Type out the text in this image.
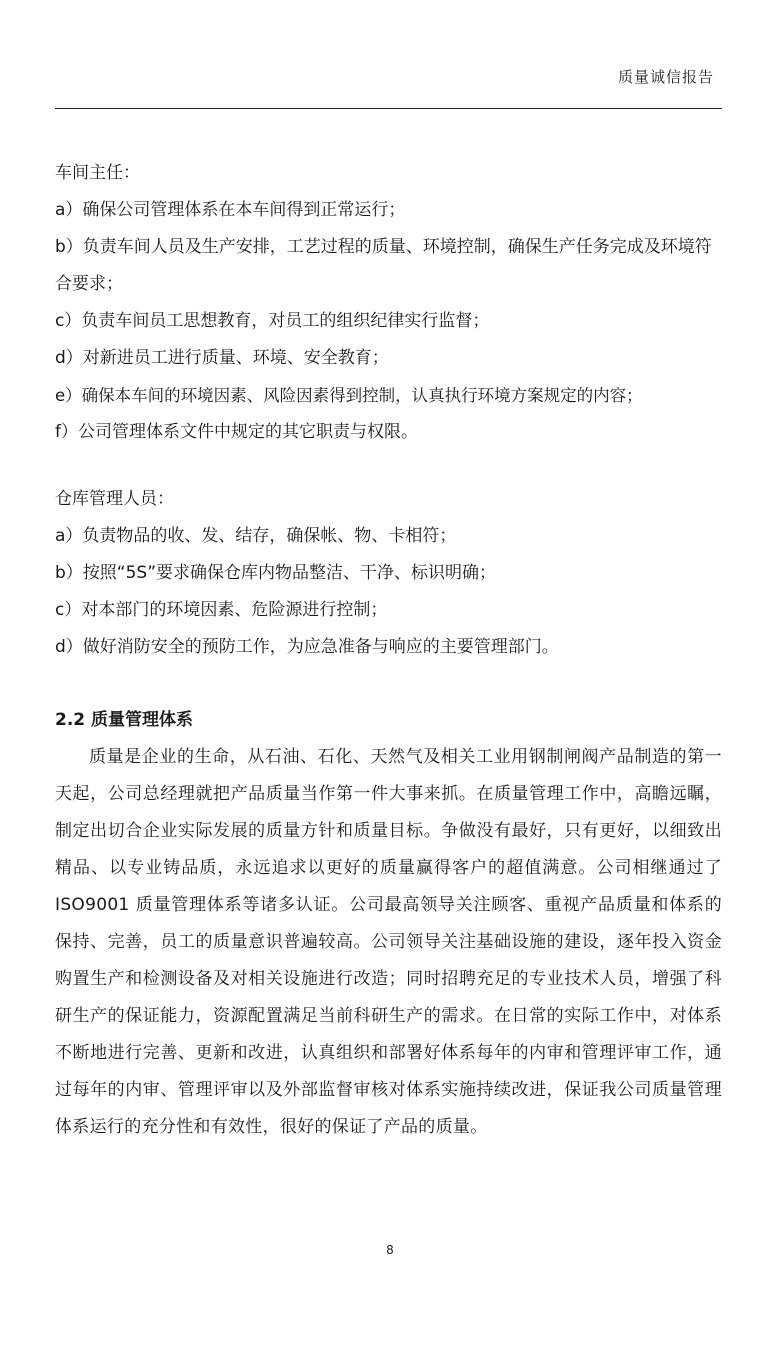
质量诚信报告
车间主任：
a）确保公司管理体系在本车间得到正常运行；
b）负责车间人员及生产安排，工艺过程的质量、环境控制，确保生产任务完成及环境符合要求；
c）负责车间员工思想教育，对员工的组织纪律实行监督；
d）对新进员工进行质量、环境、安全教育；
e）确保本车间的环境因素、风险因素得到控制，认真执行环境方案规定的内容；
f）公司管理体系文件中规定的其它职责与权限。
仓库管理人员：
a）负责物品的收、发、结存，确保帐、物、卡相符；
b）按照“5S”要求确保仓库内物品整洁、干净、标识明确；
c）对本部门的环境因素、危险源进行控制；
d）做好消防安全的预防工作，为应急准备与响应的主要管理部门。
2.2 质量管理体系
质量是企业的生命，从石油、石化、天然气及相关工业用钢制闸阀产品制造的第一天起，公司总经理就把产品质量当作第一件大事来抓。在质量管理工作中，高瞻远瞩，制定出切合企业实际发展的质量方针和质量目标。争做没有最好，只有更好，以细致出精品、以专业铸品质，永远追求以更好的质量赢得客户的超值满意。公司相继通过了 ISO9001 质量管理体系等诸多认证。公司最高领导关注顾客、重视产品质量和体系的保持、完善，员工的质量意识普遍较高。公司领导关注基础设施的建设，逐年投入资金购置生产和检测设备及对相关设施进行改造；同时招聘充足的专业技术人员，增强了科研生产的保证能力，资源配置满足当前科研生产的需求。在日常的实际工作中，对体系不断地进行完善、更新和改进，认真组织和部署好体系每年的内审和管理评审工作，通过每年的内审、管理评审以及外部监督审核对体系实施持续改进，保证我公司质量管理体系运行的充分性和有效性，很好的保证了产品的质量。
8
